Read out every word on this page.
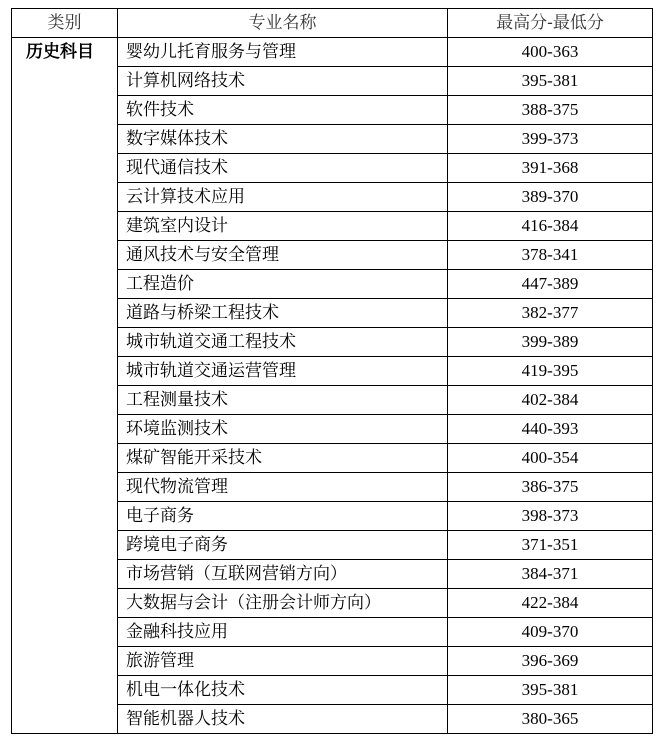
类别	专业名称	最高分-最低分
历史科目	婴幼儿托育服务与管理	400-363
	计算机网络技术	395-381
	软件技术	388-375
	数字媒体技术	399-373
	现代通信技术	391-368
	云计算技术应用	389-370
	建筑室内设计	416-384
	通风技术与安全管理	378-341
	工程造价	447-389
	道路与桥梁工程技术	382-377
	城市轨道交通工程技术	399-389
	城市轨道交通运营管理	419-395
	工程测量技术	402-384
	环境监测技术	440-393
	煤矿智能开采技术	400-354
	现代物流管理	386-375
	电子商务	398-373
	跨境电子商务	371-351
	市场营销（互联网营销方向）	384-371
	大数据与会计（注册会计师方向）	422-384
	金融科技应用	409-370
	旅游管理	396-369
	机电一体化技术	395-381
	智能机器人技术	380-365
